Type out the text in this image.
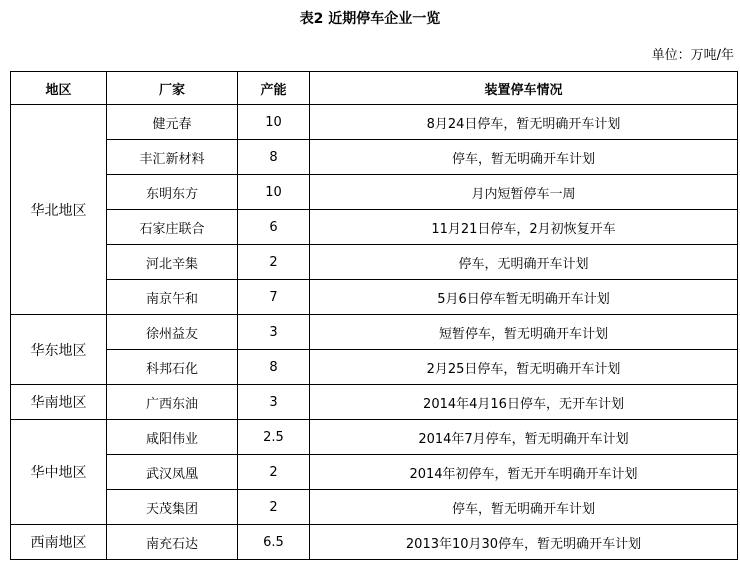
表2 近期停车企业一览
单位：万吨/年
地区	厂家	产能	装置停车情况
华北地区	健元春	10	8月24日停车，暂无明确开车计划
	丰汇新材料	8	停车，暂无明确开车计划
	东明东方	10	月内短暂停车一周
	石家庄联合	6	11月21日停车，2月初恢复开车
	河北辛集	2	停车，无明确开车计划
	南京午和	7	5月6日停车暂无明确开车计划
华东地区	徐州益友	3	短暂停车，暂无明确开车计划
	科邦石化	8	2月25日停车，暂无明确开车计划
华南地区	广西东油	3	2014年4月16日停车，无开车计划
华中地区	咸阳伟业	2.5	2014年7月停车，暂无明确开车计划
	武汉凤凰	2	2014年初停车，暂无开车明确开车计划
	天茂集团	2	停车，暂无明确开车计划
西南地区	南充石达	6.5	2013年10月30停车，暂无明确开车计划
